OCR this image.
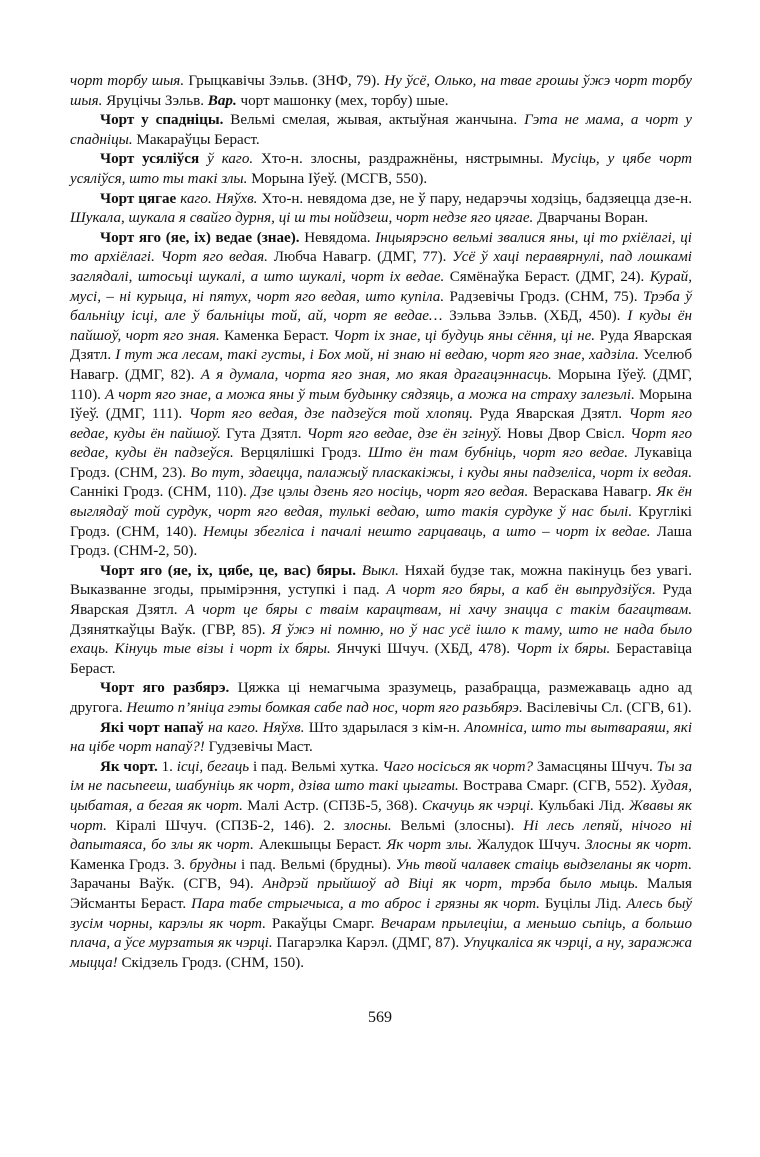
чорт торбу шыя. Грыцкавічы Зэльв. (ЗНФ, 79). Ну ўсё, Олько, на твае грошы ўжэ чорт торбу шыя. Яруцічы Зэльв. Вар. чорт машонку (мех, торбу) шые.

Чорт у спадніцы. Вельмі смелая, жывая, актыўная жанчына. Гэта не мама, а чорт у спадніцы. Макараўцы Бераст.

Чорт усяліўся ў каго. Хто-н. злосны, раздражнёны, нястрымны. Мусіць, у цябе чорт усяліўся, што ты такі злы. Морына Іўеў. (МСГВ, 550).

Чорт цягае каго. Няўхв. Хто-н. невядома дзе, не ў пару, недарэчы ходзіць, бадзяецца дзе-н. Шукала, шукала я свайго дурня, ці ш ты нойдзеш, чорт недзе яго цягае. Дварчаны Воран.

Чорт яго (яе, іх) ведае (знае). Невядома. Інцыярэсно вельмі звалися яны, ці то рхіёлагі, ці то архіёлагі. Чорт яго ведая. Любча Навагр. (ДМГ, 77). Усё ў хаці перавярнулі, пад лошкамі заглядалі, штосьці шукалі, а што шукалі, чорт іх ведае. Сямёнаўка Бераст. (ДМГ, 24). Курай, мусі, – ні курыца, ні пятух, чорт яго ведая, што купіла. Радзевічы Гродз. (СНМ, 75). Трэба ў бальніцу ісці, але ў бальніцы той, ай, чорт яе ведае… Зэльва Зэльв. (ХБД, 450). І куды ён пайшоў, чорт яго зная. Каменка Бераст. Чорт іх знае, ці будуць яны сёння, ці не. Руда Яварская Дзятл. І тут жа лесам, такі густы, і Бох мой, ні знаю ні ведаю, чорт яго знае, хадзіла. Уселюб Навагр. (ДМГ, 82). А я думала, чорта яго зная, мо якая драгацэннасць. Морына Іўеў. (ДМГ, 110). А чорт яго знае, а можа яны ў тым будынку сядзяць, а можа на страху залезьлі. Морына Іўеў. (ДМГ, 111). Чорт яго ведая, дзе падзеўся той хлопяц. Руда Яварская Дзятл. Чорт яго ведае, куды ён пайшоў. Гута Дзятл. Чорт яго ведае, дзе ён згінуў. Новы Двор Свісл. Чорт яго ведае, куды ён падзеўся. Верцялішкі Гродз. Што ён там бубніць, чорт яго ведае. Лукавіца Гродз. (СНМ, 23). Во тут, здаецца, палажыў пласкакіжы, і куды яны падзеліса, чорт іх ведая. Саннікі Гродз. (СНМ, 110). Дзе цэлы дзень яго носіць, чорт яго ведая. Вераскава Навагр. Як ён выглядаў той сурдук, чорт яго ведая, тулькі ведаю, што такія сурдуке ў нас былі. Круглікі Гродз. (СНМ, 140). Немцы збегліса і пачалі нешто гарцаваць, а што – чорт іх ведае. Лаша Гродз. (СНМ-2, 50).

Чорт яго (яе, іх, цябе, це, вас) бяры. Выкл. Няхай будзе так, можна пакінуць без увагі. Выказванне згоды, прымірэння, уступкі і пад. А чорт яго бяры, а каб ён выпрудзіўся. Руда Яварская Дзятл. А чорт це бяры с тваім карацтвам, ні хачу знацца с такім багацтвам. Дзяняткаўцы Ваўк. (ГВР, 85). Я ўжэ ні помню, но ў нас усё ішло к таму, што не нада было ехаць. Кінуць тые візы і чорт іх бяры. Янчукі Шчуч. (ХБД, 478). Чорт іх бяры. Бераставіца Бераст.

Чорт яго разбярэ. Цяжка ці немагчыма зразумець, разабрацца, размежаваць адно ад другога. Нешто п’яніца гэты бомкая сабе пад нос, чорт яго разьбярэ. Васілевічы Сл. (СГВ, 61).

Які чорт напаў на каго. Няўхв. Што здарылася з кім-н. Апомніса, што ты вытвараяш, які на цібе чорт напаў?! Гудзевічы Маст.

Як чорт. 1. ісці, бегаць і пад. Вельмі хутка. Чаго носісься як чорт? Замасцяны Шчуч. Ты за ім не пасьпееш, шабуніць як чорт, дзіва што такі цыгаты. Вострава Смарг. (СГВ, 552). Худая, цыбатая, а бегая як чорт. Малі Астр. (СПЗБ-5, 368). Скачуць як чэрці. Кульбакі Лід. Жвавы як чорт. Кіралі Шчуч. (СПЗБ-2, 146). 2. злосны. Вельмі (злосны). Ні лесь лепяй, нічого ні дапытаяса, бо злы як чорт. Алекшыцы Бераст. Як чорт злы. Жалудок Шчуч. Злосны як чорт. Каменка Гродз. 3. брудны і пад. Вельмі (брудны). Унь твой чалавек стаіць выдзеланы як чорт. Зарачаны Ваўк. (СГВ, 94). Андрэй прыйшоў ад Віці як чорт, трэба было мыць. Малыя Эйсманты Бераст. Пара табе стрыгчыса, а то аброс і грязны як чорт. Буцілы Лід. Алесь быў зусім чорны, карэлы як чорт. Ракаўцы Смарг. Вечарам прылеціш, а меньшо сьпіць, а большо плача, а ўсе мурзатыя як чэрці. Пагарэлка Карэл. (ДМГ, 87). Упуцкаліса як чэрці, а ну, заражжа мыцца! Скідзель Гродз. (СНМ, 150).

569
